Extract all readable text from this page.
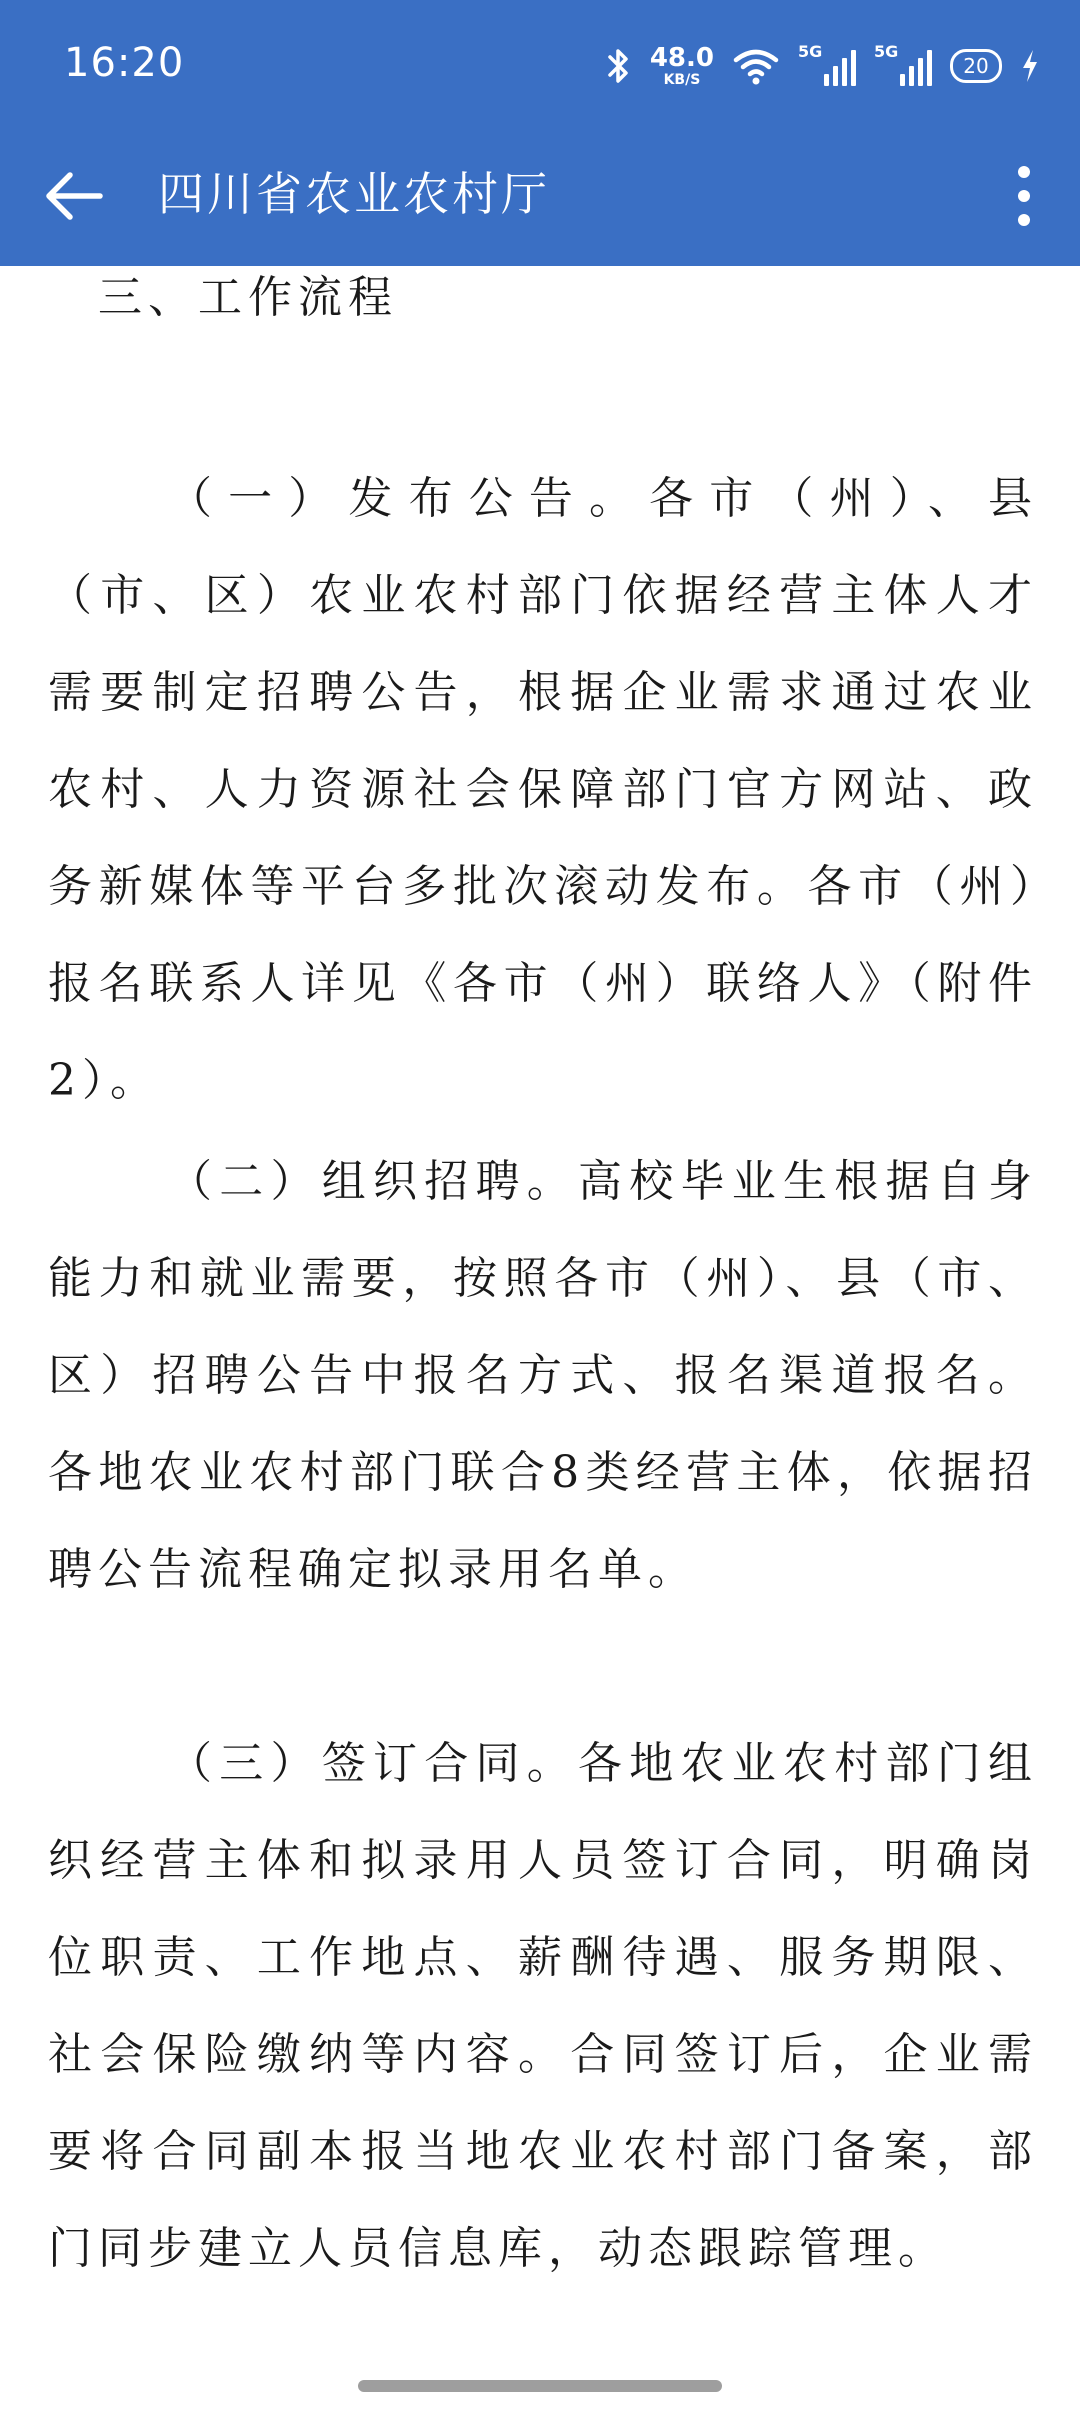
16:20	48.0
KB/S
5G	5G
20
四川省农业农村厅
三、工作流程
（一）发布公告。各市（州）、县（市、区）农业农村部门依据经营主体人才需要制定招聘公告，根据企业需求通过农业农村、人力资源社会保障部门官方网站、政务新媒体等平台多批次滚动发布。各市（州）报名联系人详见《各市（州）联络人》（附件2）。
（二）组织招聘。高校毕业生根据自身能力和就业需要，按照各市（州）、县（市、区）招聘公告中报名方式、报名渠道报名。各地农业农村部门联合8类经营主体，依据招聘公告流程确定拟录用名单。
（三）签订合同。各地农业农村部门组织经营主体和拟录用人员签订合同，明确岗位职责、工作地点、薪酬待遇、服务期限、社会保险缴纳等内容。合同签订后，企业需要将合同副本报当地农业农村部门备案，部门同步建立人员信息库，动态跟踪管理。
